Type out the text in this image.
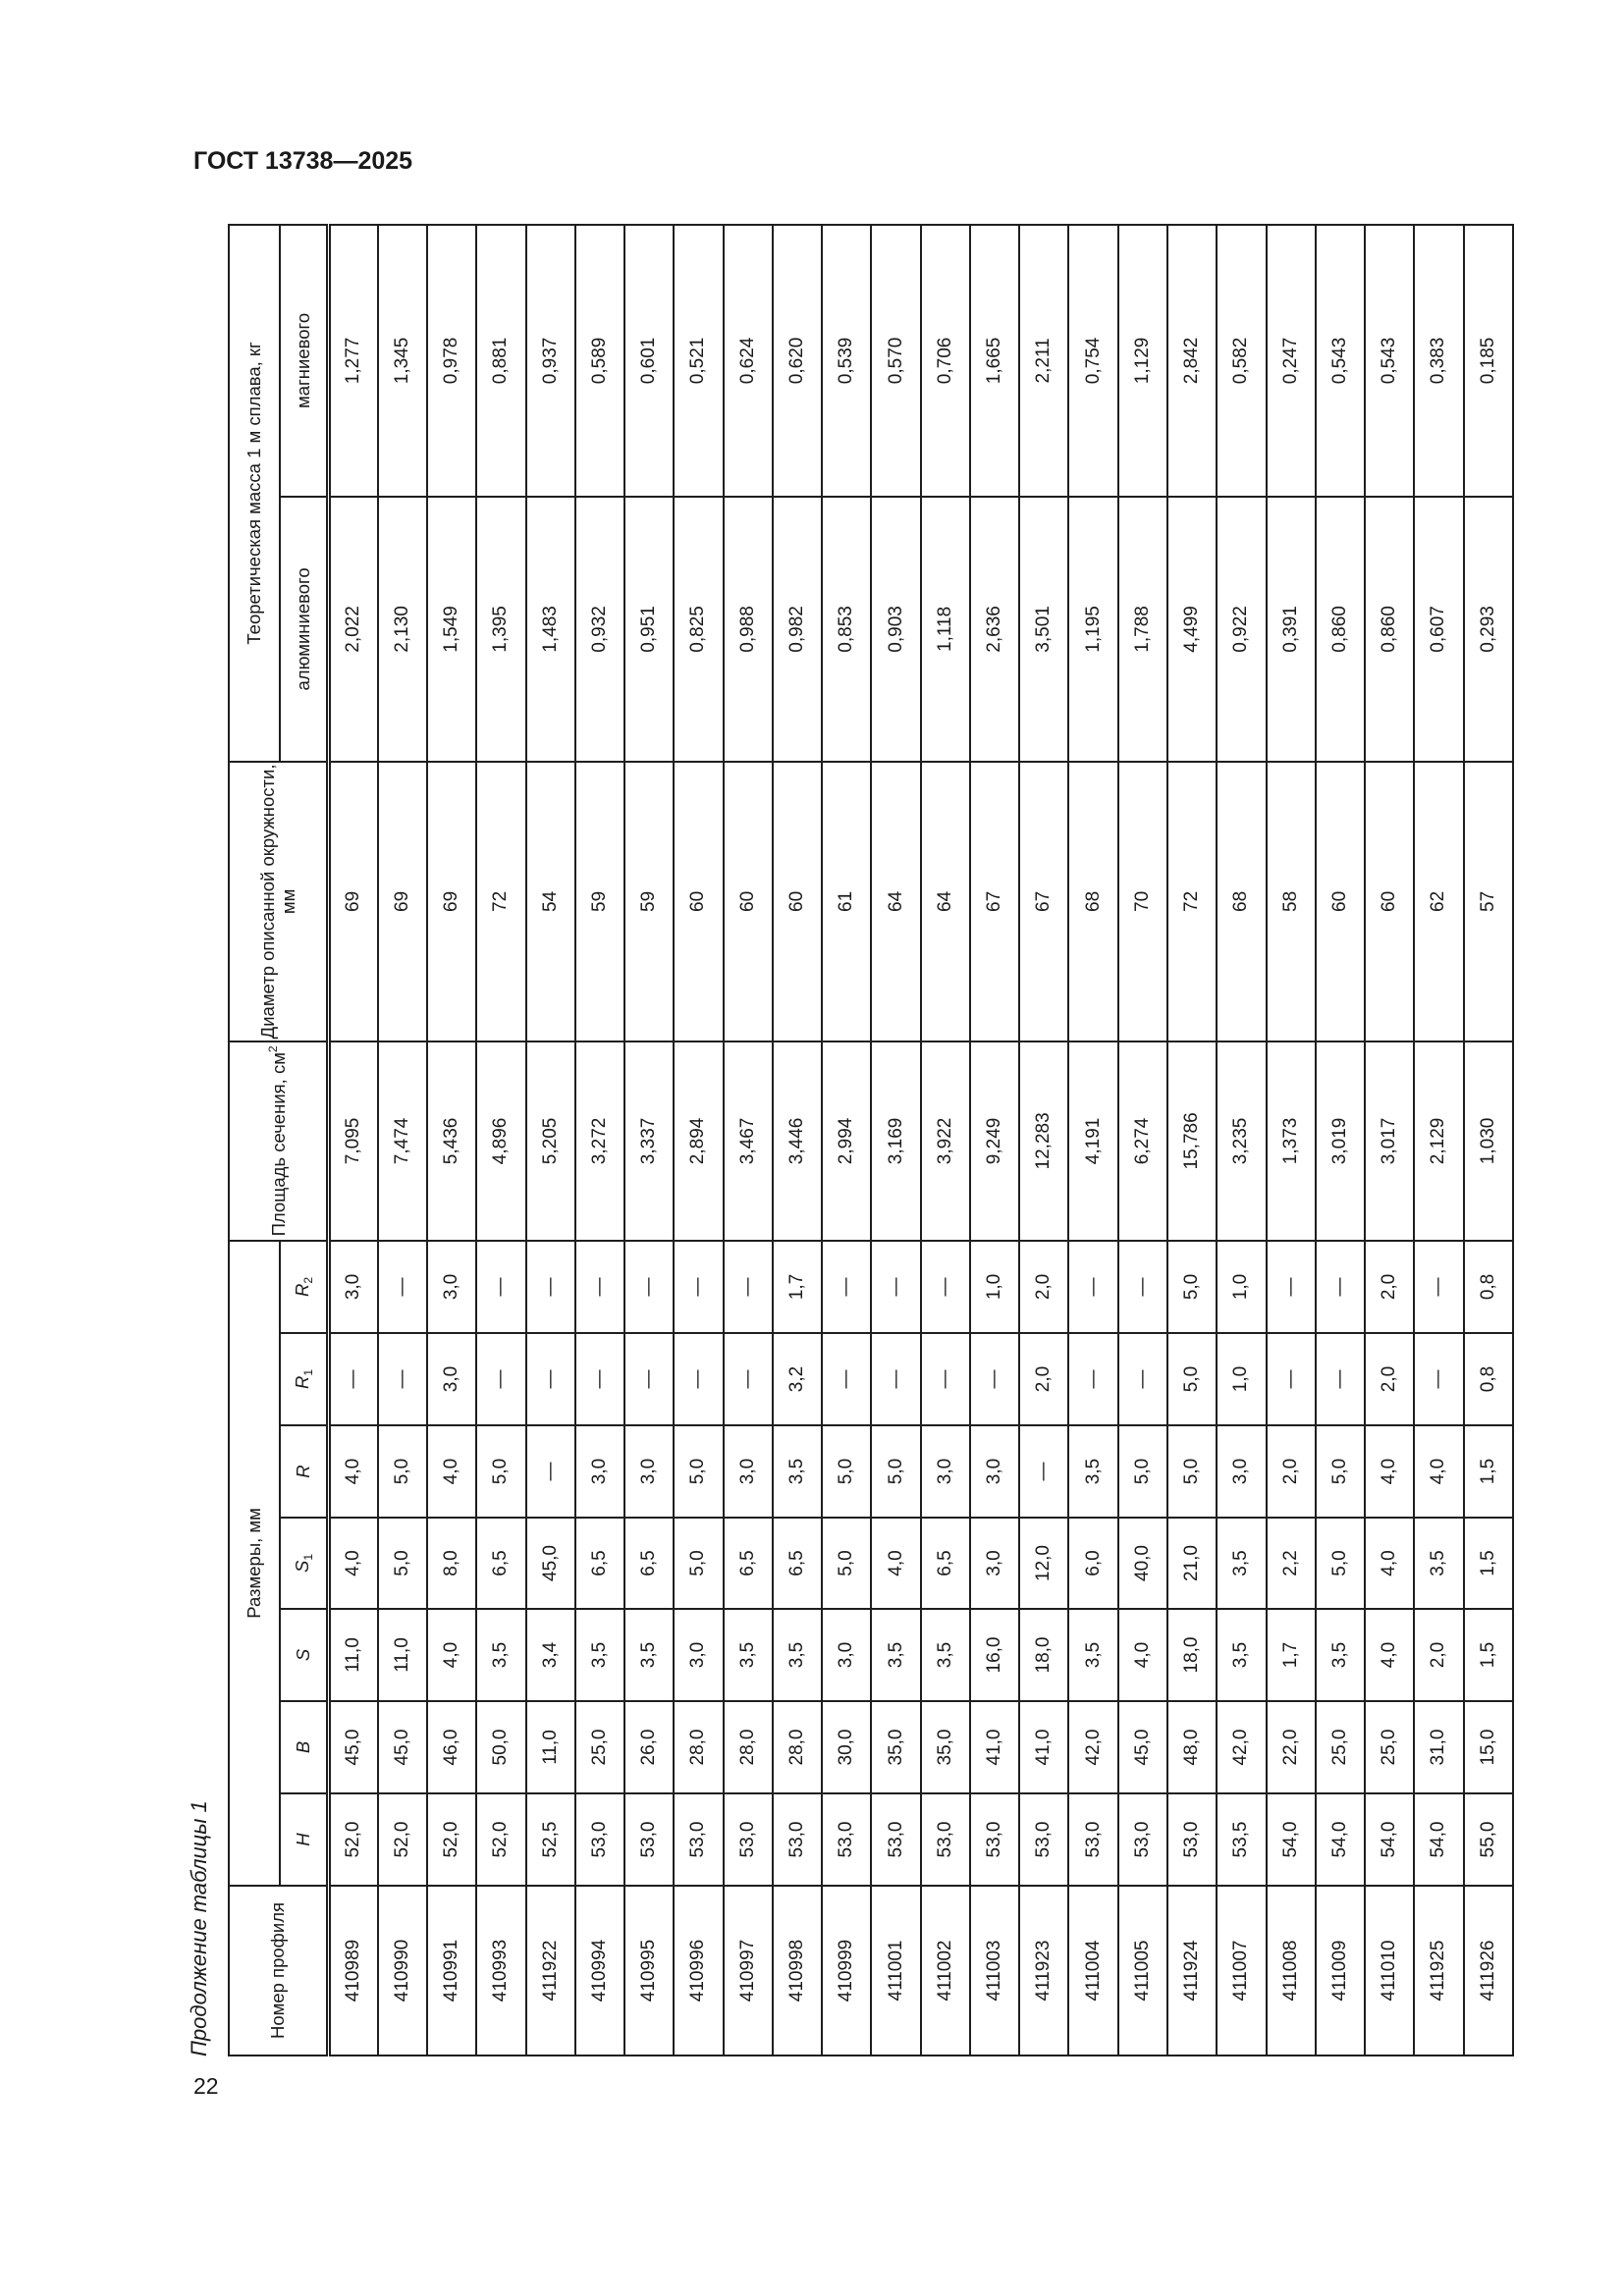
ГОСТ 13738—2025
Продолжение таблицы 1
22
Номер профиля	Размеры, мм							Площадь сечения, $см^2$	Диаметр описанной окружности, мм	Теоретическая масса 1 м сплава, кг	
	H	B	S	$S_1$	R	$R_1$	$R_2$			алюминиевого	магниевого
410989	52,0	45,0	11,0	4,0	4,0	—	3,0	7,095	69	2,022	1,277
410990	52,0	45,0	11,0	5,0	5,0	—	—	7,474	69	2,130	1,345
410991	52,0	46,0	4,0	8,0	4,0	3,0	3,0	5,436	69	1,549	0,978
410993	52,0	50,0	3,5	6,5	5,0	—	—	4,896	72	1,395	0,881
411922	52,5	11,0	3,4	45,0	—	—	—	5,205	54	1,483	0,937
410994	53,0	25,0	3,5	6,5	3,0	—	—	3,272	59	0,932	0,589
410995	53,0	26,0	3,5	6,5	3,0	—	—	3,337	59	0,951	0,601
410996	53,0	28,0	3,0	5,0	5,0	—	—	2,894	60	0,825	0,521
410997	53,0	28,0	3,5	6,5	3,0	—	—	3,467	60	0,988	0,624
410998	53,0	28,0	3,5	6,5	3,5	3,2	1,7	3,446	60	0,982	0,620
410999	53,0	30,0	3,0	5,0	5,0	—	—	2,994	61	0,853	0,539
411001	53,0	35,0	3,5	4,0	5,0	—	—	3,169	64	0,903	0,570
411002	53,0	35,0	3,5	6,5	3,0	—	—	3,922	64	1,118	0,706
411003	53,0	41,0	16,0	3,0	3,0	—	1,0	9,249	67	2,636	1,665
411923	53,0	41,0	18,0	12,0	—	2,0	2,0	12,283	67	3,501	2,211
411004	53,0	42,0	3,5	6,0	3,5	—	—	4,191	68	1,195	0,754
411005	53,0	45,0	4,0	40,0	5,0	—	—	6,274	70	1,788	1,129
411924	53,0	48,0	18,0	21,0	5,0	5,0	5,0	15,786	72	4,499	2,842
411007	53,5	42,0	3,5	3,5	3,0	1,0	1,0	3,235	68	0,922	0,582
411008	54,0	22,0	1,7	2,2	2,0	—	—	1,373	58	0,391	0,247
411009	54,0	25,0	3,5	5,0	5,0	—	—	3,019	60	0,860	0,543
411010	54,0	25,0	4,0	4,0	4,0	2,0	2,0	3,017	60	0,860	0,543
411925	54,0	31,0	2,0	3,5	4,0	—	—	2,129	62	0,607	0,383
411926	55,0	15,0	1,5	1,5	1,5	0,8	0,8	1,030	57	0,293	0,185
